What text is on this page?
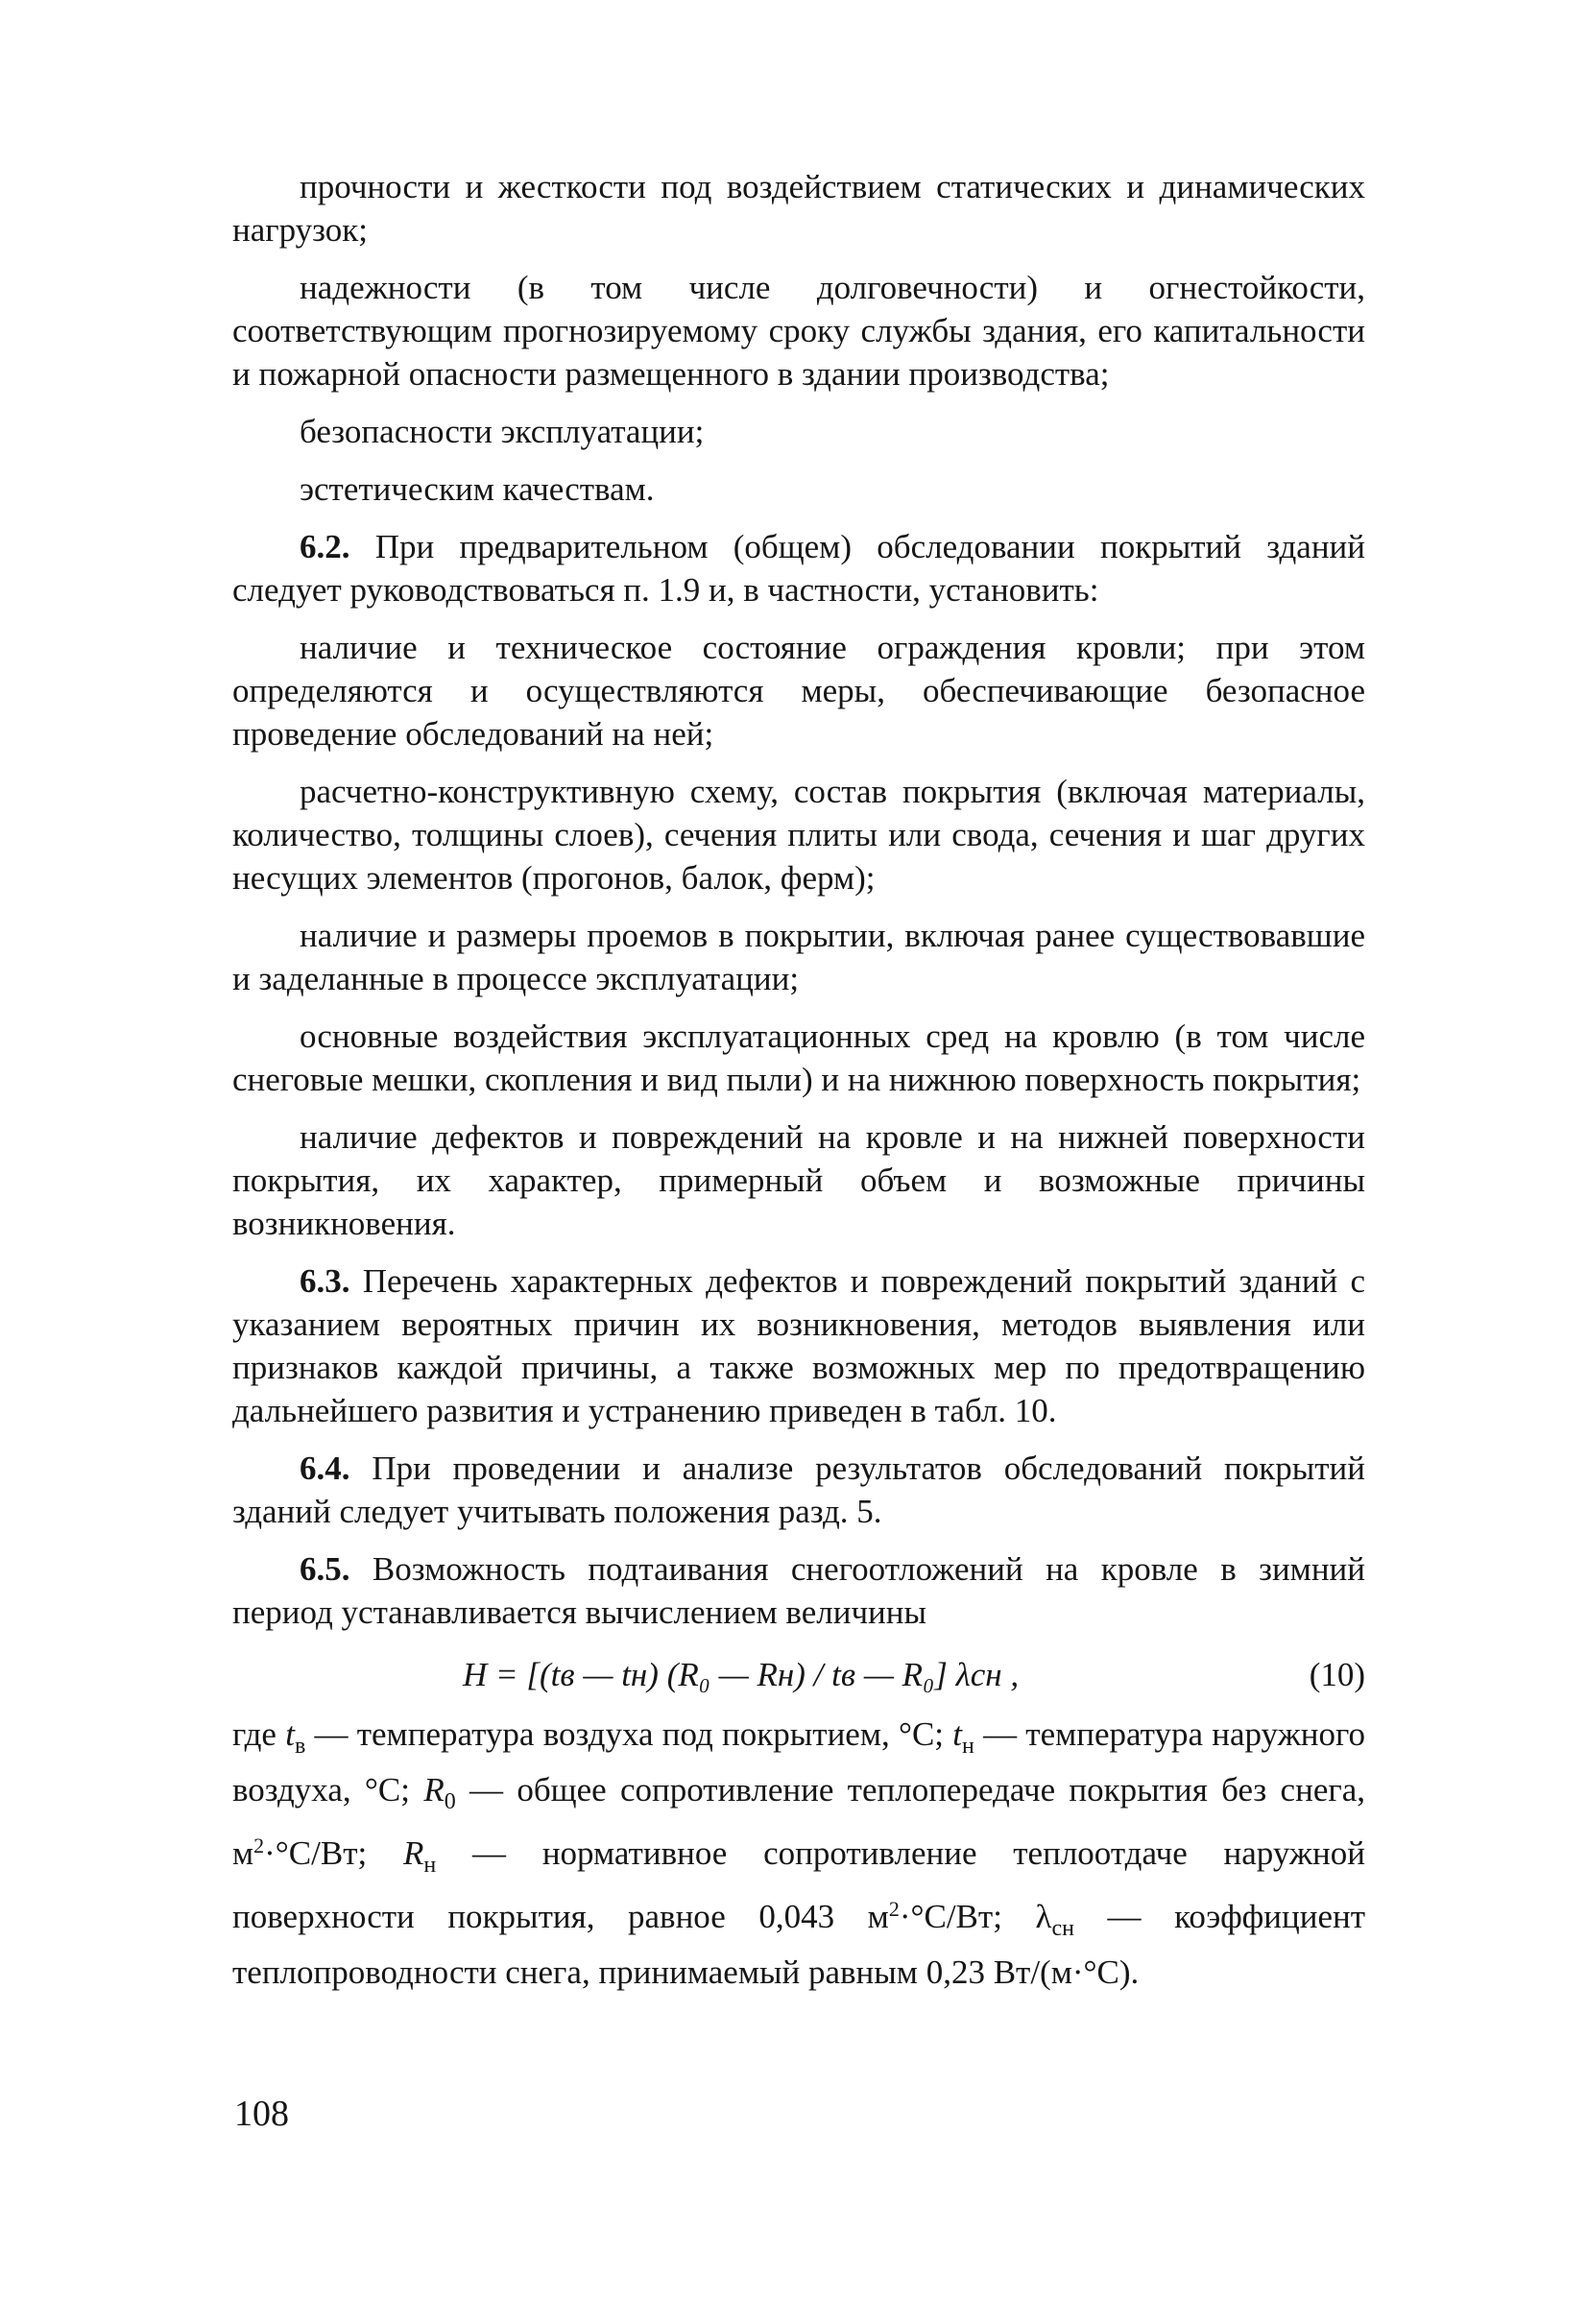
прочности и жесткости под воздействием статических и динамических нагрузок;

надежности (в том числе долговечности) и огнестойкости, соответствующим прогнозируемому сроку службы здания, его капитальности и пожарной опасности размещенного в здании производства;

безопасности эксплуатации;

эстетическим качествам.

6.2. При предварительном (общем) обследовании покрытий зданий следует руководствоваться п. 1.9 и, в частности, установить:

наличие и техническое состояние ограждения кровли; при этом определяются и осуществляются меры, обеспечивающие безопасное проведение обследований на ней;

расчетно-конструктивную схему, состав покрытия (включая материалы, количество, толщины слоев), сечения плиты или свода, сечения и шаг других несущих элементов (прогонов, балок, ферм);

наличие и размеры проемов в покрытии, включая ранее существовавшие и заделанные в процессе эксплуатации;

основные воздействия эксплуатационных сред на кровлю (в том числе снеговые мешки, скопления и вид пыли) и на нижнюю поверхность покрытия;

наличие дефектов и повреждений на кровле и на нижней поверхности покрытия, их характер, примерный объем и возможные причины возникновения.

6.3. Перечень характерных дефектов и повреждений покрытий зданий с указанием вероятных причин их возникновения, методов выявления или признаков каждой причины, а также возможных мер по предотвращению дальнейшего развития и устранению приведен в табл. 10.

6.4. При проведении и анализе результатов обследований покрытий зданий следует учитывать положения разд. 5.

6.5. Возможность подтаивания снегоотложений на кровле в зимний период устанавливается вычислением величины

H = [(tв — tн) (R₀ — Rн) / tв — R₀] λсн ,	(10)

где $t_в$ — температура воздуха под покрытием, °С; $t_н$ — температура наружного воздуха, °С; $R_0$ — общее сопротивление теплопередаче покрытия без снега, $м^2\cdot^\circ С/Вт$; $R_н$ — нормативное сопротивление теплоотдаче наружной поверхности покрытия, равное 0,043 $м^2\cdot^\circ С/Вт$; $\lambda_{сн}$ — коэффициент теплопроводности снега, принимаемый равным 0,23 Вт/(м·°С).

108
